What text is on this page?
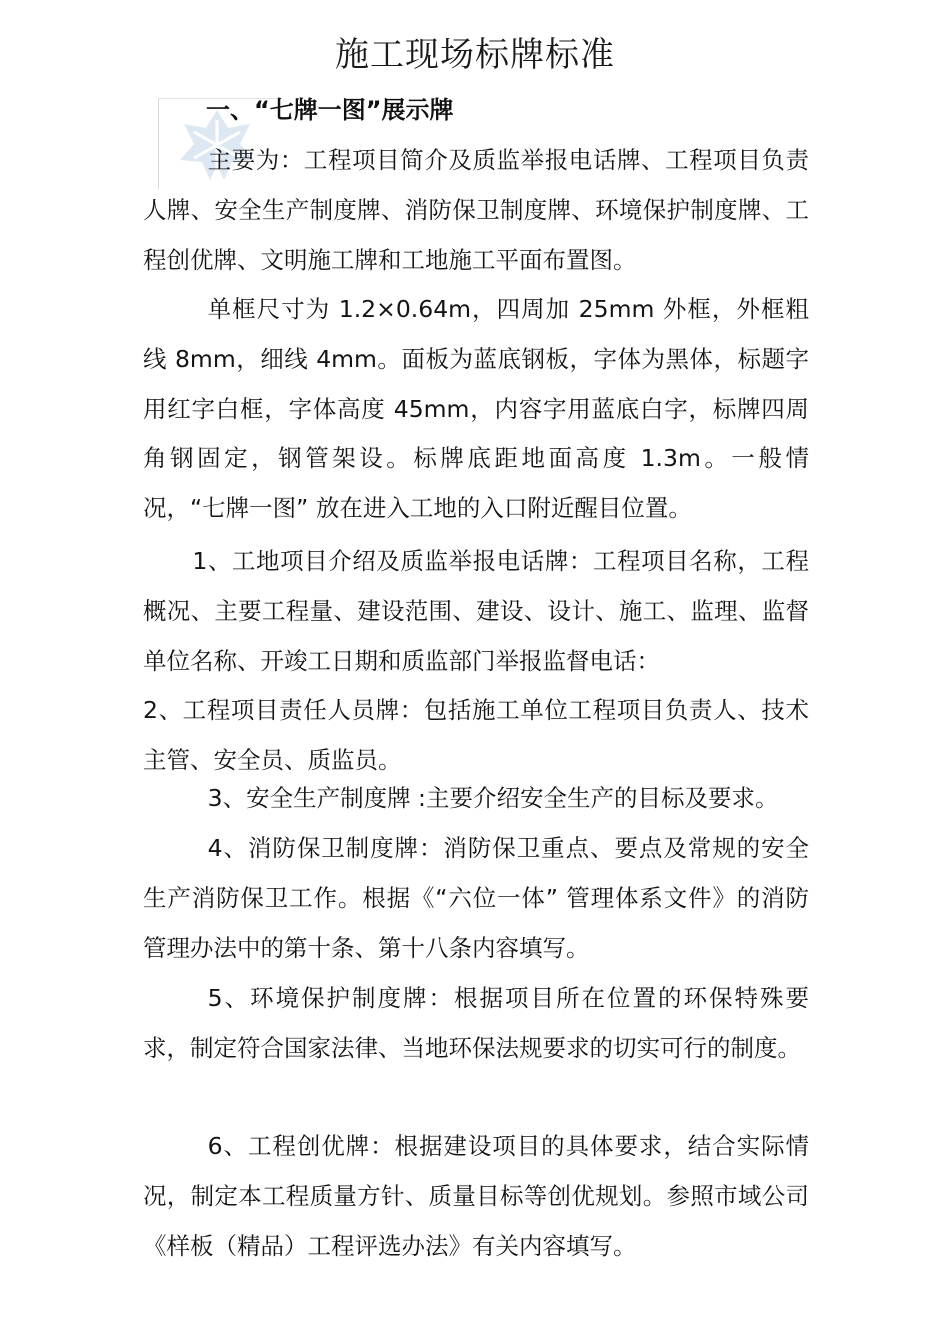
施工现场标牌标准
一、“七牌一图”展示牌

主要为：工程项目简介及质监举报电话牌、工程项目负责人牌、安全生产制度牌、消防保卫制度牌、环境保护制度牌、工程创优牌、文明施工牌和工地施工平面布置图。

单框尺寸为 1.2×0.64m，四周加 25mm 外框，外框粗线 8mm，细线 4mm。面板为蓝底钢板，字体为黑体，标题字用红字白框，字体高度 45mm，内容字用蓝底白字，标牌四周角钢固定，钢管架设。标牌底距地面高度 1.3m。一般情况，“七牌一图” 放在进入工地的入口附近醒目位置。

1、工地项目介绍及质监举报电话牌：工程项目名称，工程概况、主要工程量、建设范围、建设、设计、施工、监理、监督单位名称、开竣工日期和质监部门举报监督电话：

2、工程项目责任人员牌：包括施工单位工程项目负责人、技术主管、安全员、质监员。

3、安全生产制度牌 :主要介绍安全生产的目标及要求。

4、消防保卫制度牌：消防保卫重点、要点及常规的安全生产消防保卫工作。根据《“六位一体” 管理体系文件》的消防管理办法中的第十条、第十八条内容填写。

5、环境保护制度牌：根据项目所在位置的环保特殊要求，制定符合国家法律、当地环保法规要求的切实可行的制度。

6、工程创优牌：根据建设项目的具体要求，结合实际情况，制定本工程质量方针、质量目标等创优规划。参照市域公司《样板（精品）工程评选办法》有关内容填写。
